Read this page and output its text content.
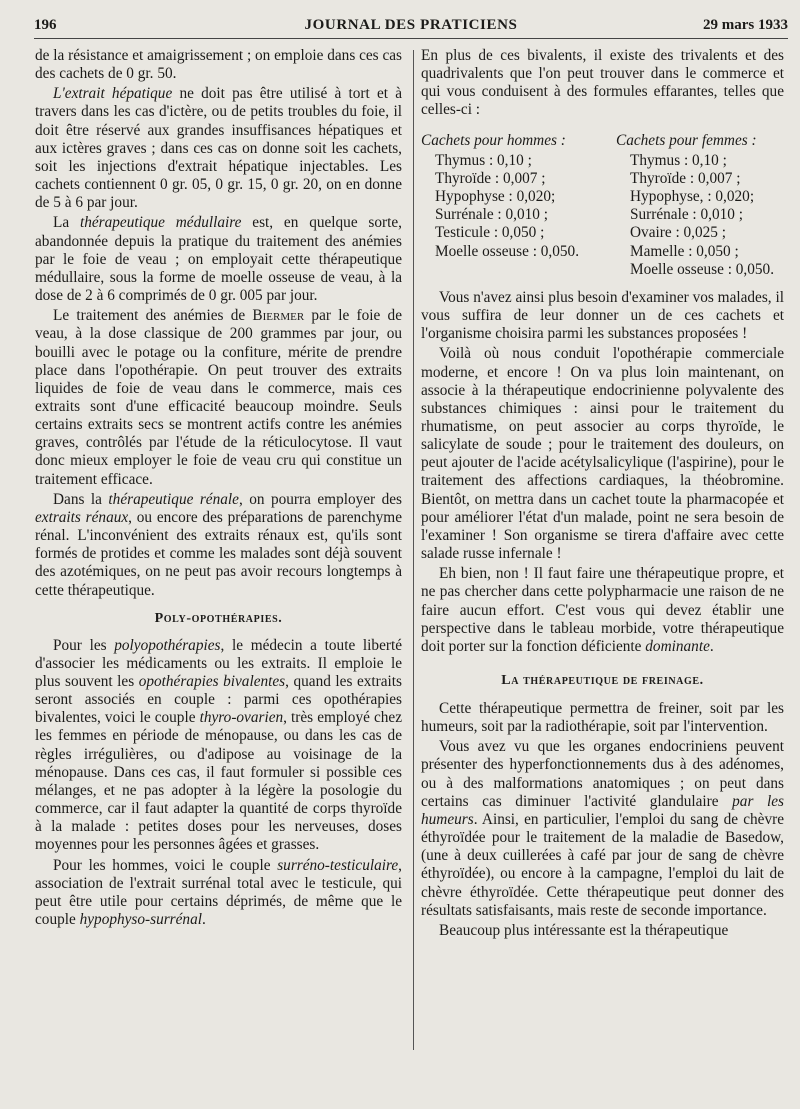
196	JOURNAL DES PRATICIENS	29 mars 1933

de la résistance et amaigrissement ; on emploie dans ces cas des cachets de 0 gr. 50.

L'extrait hépatique ne doit pas être utilisé à tort et à travers dans les cas d'ictère, ou de petits troubles du foie, il doit être réservé aux grandes insuffisances hépatiques et aux ictères graves ; dans ces cas on donne soit les cachets, soit les injections d'extrait hépatique injectables. Les cachets contiennent 0 gr. 05, 0 gr. 15, 0 gr. 20, on en donne de 5 à 6 par jour.

La thérapeutique médullaire est, en quelque sorte, abandonnée depuis la pratique du traitement des anémies par le foie de veau ; on employait cette thérapeutique médullaire, sous la forme de moelle osseuse de veau, à la dose de 2 à 6 comprimés de 0 gr. 005 par jour.

Le traitement des anémies de Biermer par le foie de veau, à la dose classique de 200 grammes par jour, ou bouilli avec le potage ou la confiture, mérite de prendre place dans l'opothérapie. On peut trouver des extraits liquides de foie de veau dans le commerce, mais ces extraits sont d'une efficacité beaucoup moindre. Seuls certains extraits secs se montrent actifs contre les anémies graves, contrôlés par l'étude de la réticulocytose. Il vaut donc mieux employer le foie de veau cru qui constitue un traitement efficace.

Dans la thérapeutique rénale, on pourra employer des extraits rénaux, ou encore des préparations de parenchyme rénal. L'inconvénient des extraits rénaux est, qu'ils sont formés de protides et comme les malades sont déjà souvent des azotémiques, on ne peut pas avoir recours longtemps à cette thérapeutique.

Poly-opothérapies.

Pour les polyopothérapies, le médecin a toute liberté d'associer les médicaments ou les extraits. Il emploie le plus souvent les opothérapies bivalentes, quand les extraits seront associés en couple : parmi ces opothérapies bivalentes, voici le couple thyro-ovarien, très employé chez les femmes en période de ménopause, ou dans les cas de règles irrégulières, ou d'adipose au voisinage de la ménopause. Dans ces cas, il faut formuler si possible ces mélanges, et ne pas adopter à la légère la posologie du commerce, car il faut adapter la quantité de corps thyroïde à la malade : petites doses pour les nerveuses, doses moyennes pour les personnes âgées et grasses.

Pour les hommes, voici le couple surréno-testiculaire, association de l'extrait surrénal total avec le testicule, qui peut être utile pour certains déprimés, de même que le couple hypophyso-surrénal.

En plus de ces bivalents, il existe des trivalents et des quadrivalents que l'on peut trouver dans le commerce et qui vous conduisent à des formules effarantes, telles que celles-ci :

Cachets pour hommes :
Thymus : 0,10 ;
Thyroïde : 0,007 ;
Hypophyse : 0,020;
Surrénale : 0,010 ;
Testicule : 0,050 ;
Moelle osseuse : 0,050.
Cachets pour femmes :
Thymus : 0,10 ;
Thyroïde : 0,007 ;
Hypophyse, : 0,020;
Surrénale : 0,010 ;
Ovaire : 0,025 ;
Mamelle : 0,050 ;
Moelle osseuse : 0,050.

Vous n'avez ainsi plus besoin d'examiner vos malades, il vous suffira de leur donner un de ces cachets et l'organisme choisira parmi les substances proposées !

Voilà où nous conduit l'opothérapie commerciale moderne, et encore ! On va plus loin maintenant, on associe à la thérapeutique endocrinienne polyvalente des substances chimiques : ainsi pour le traitement du rhumatisme, on peut associer au corps thyroïde, le salicylate de soude ; pour le traitement des douleurs, on peut ajouter de l'acide acétylsalicylique (l'aspirine), pour le traitement des affections cardiaques, la théobromine. Bientôt, on mettra dans un cachet toute la pharmacopée et pour améliorer l'état d'un malade, point ne sera besoin de l'examiner ! Son organisme se tirera d'affaire avec cette salade russe infernale !

Eh bien, non ! Il faut faire une thérapeutique propre, et ne pas chercher dans cette polypharmacie une raison de ne faire aucun effort. C'est vous qui devez établir une perspective dans le tableau morbide, votre thérapeutique doit porter sur la fonction déficiente dominante.

La thérapeutique de freinage.

Cette thérapeutique permettra de freiner, soit par les humeurs, soit par la radiothérapie, soit par l'intervention.

Vous avez vu que les organes endocriniens peuvent présenter des hyperfonctionnements dus à des adénomes, ou à des malformations anatomiques ; on peut dans certains cas diminuer l'activité glandulaire par les humeurs. Ainsi, en particulier, l'emploi du sang de chèvre éthyroïdée pour le traitement de la maladie de Basedow, (une à deux cuillerées à café par jour de sang de chèvre éthyroïdée), ou encore à la campagne, l'emploi du lait de chèvre éthyroïdée. Cette thérapeutique peut donner des résultats satisfaisants, mais reste de seconde importance.

Beaucoup plus intéressante est la thérapeutique
